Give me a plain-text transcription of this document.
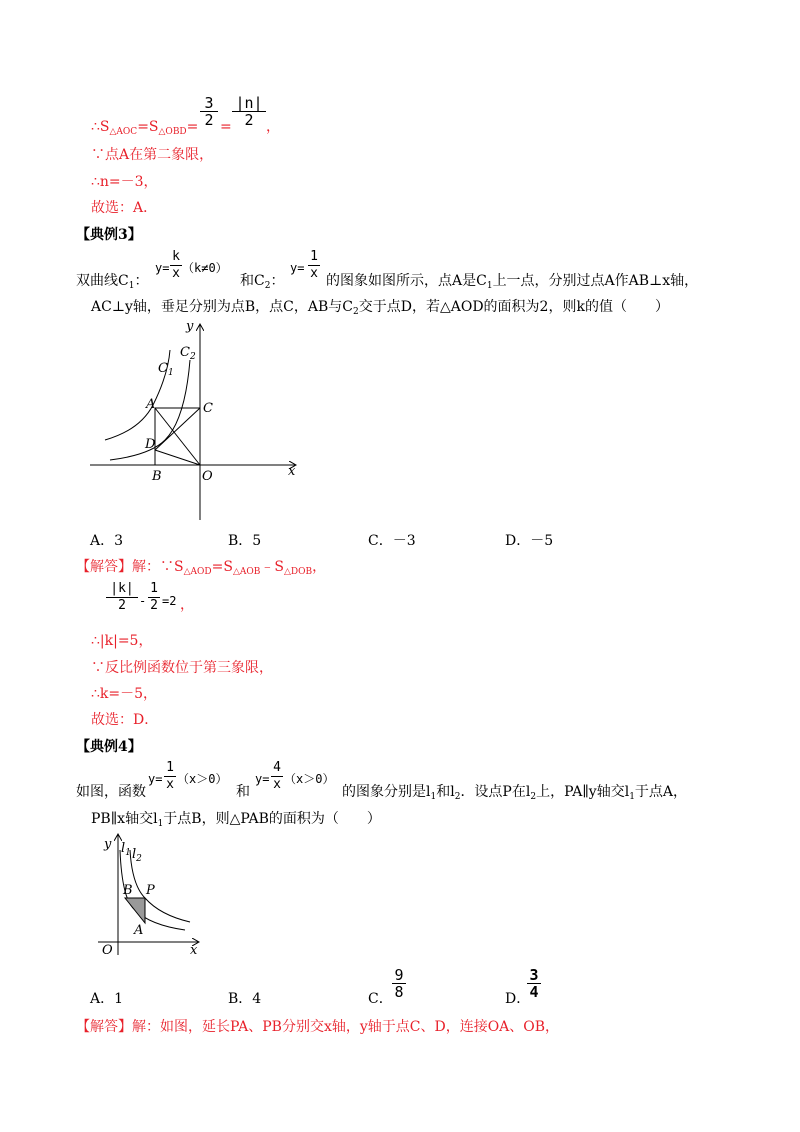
$\therefore S_{\triangle AOC}=S_{\triangle OBD}=$
3
2 =
|n|
2 ，
∵点A在第二象限，
∴n=－3，
故选：A．
【典例3】
双曲线$C_1$：
y=
k
x （k≠0）
和$C_2$：
y=
1
x 的图象如图所示，点A是$C_1$上一点，分别过点A作AB⊥x轴，
AC⊥y轴，垂足分别为点B，点C，AB与$C_2$交于点D，若△AOD的面积为2，则k的值（　　）
y
x
$C_1$
$C_2$
A	C
D
B	O
A．3	B．5	C．－3	D．－5
【解答】解：$\because S_{\triangle AOD}=S_{\triangle AOB}﹣S_{\triangle DOB}$，
|k|
2	-
1
2 =2 ，
∴|k|=5，
∵反比例函数位于第三象限，
∴k=－5，
故选：D．
【典例4】
如图，函数
y=
1
x （x＞0）
和
y=
4
x （x＞0）
的图象分别是$l_1$和$l_2$．设点P在$l_2$上，PA∥y轴交$l_1$于点A，
PB∥x轴交$l_1$于点B，则△PAB的面积为（　　）
y
x
$l_1$ $l_2$
B P
A
O
A．1	B．4	C．
9
8	D．
3
4
【解答】解：如图，延长PA、PB分别交x轴，y轴于点C、D，连接OA、OB，
